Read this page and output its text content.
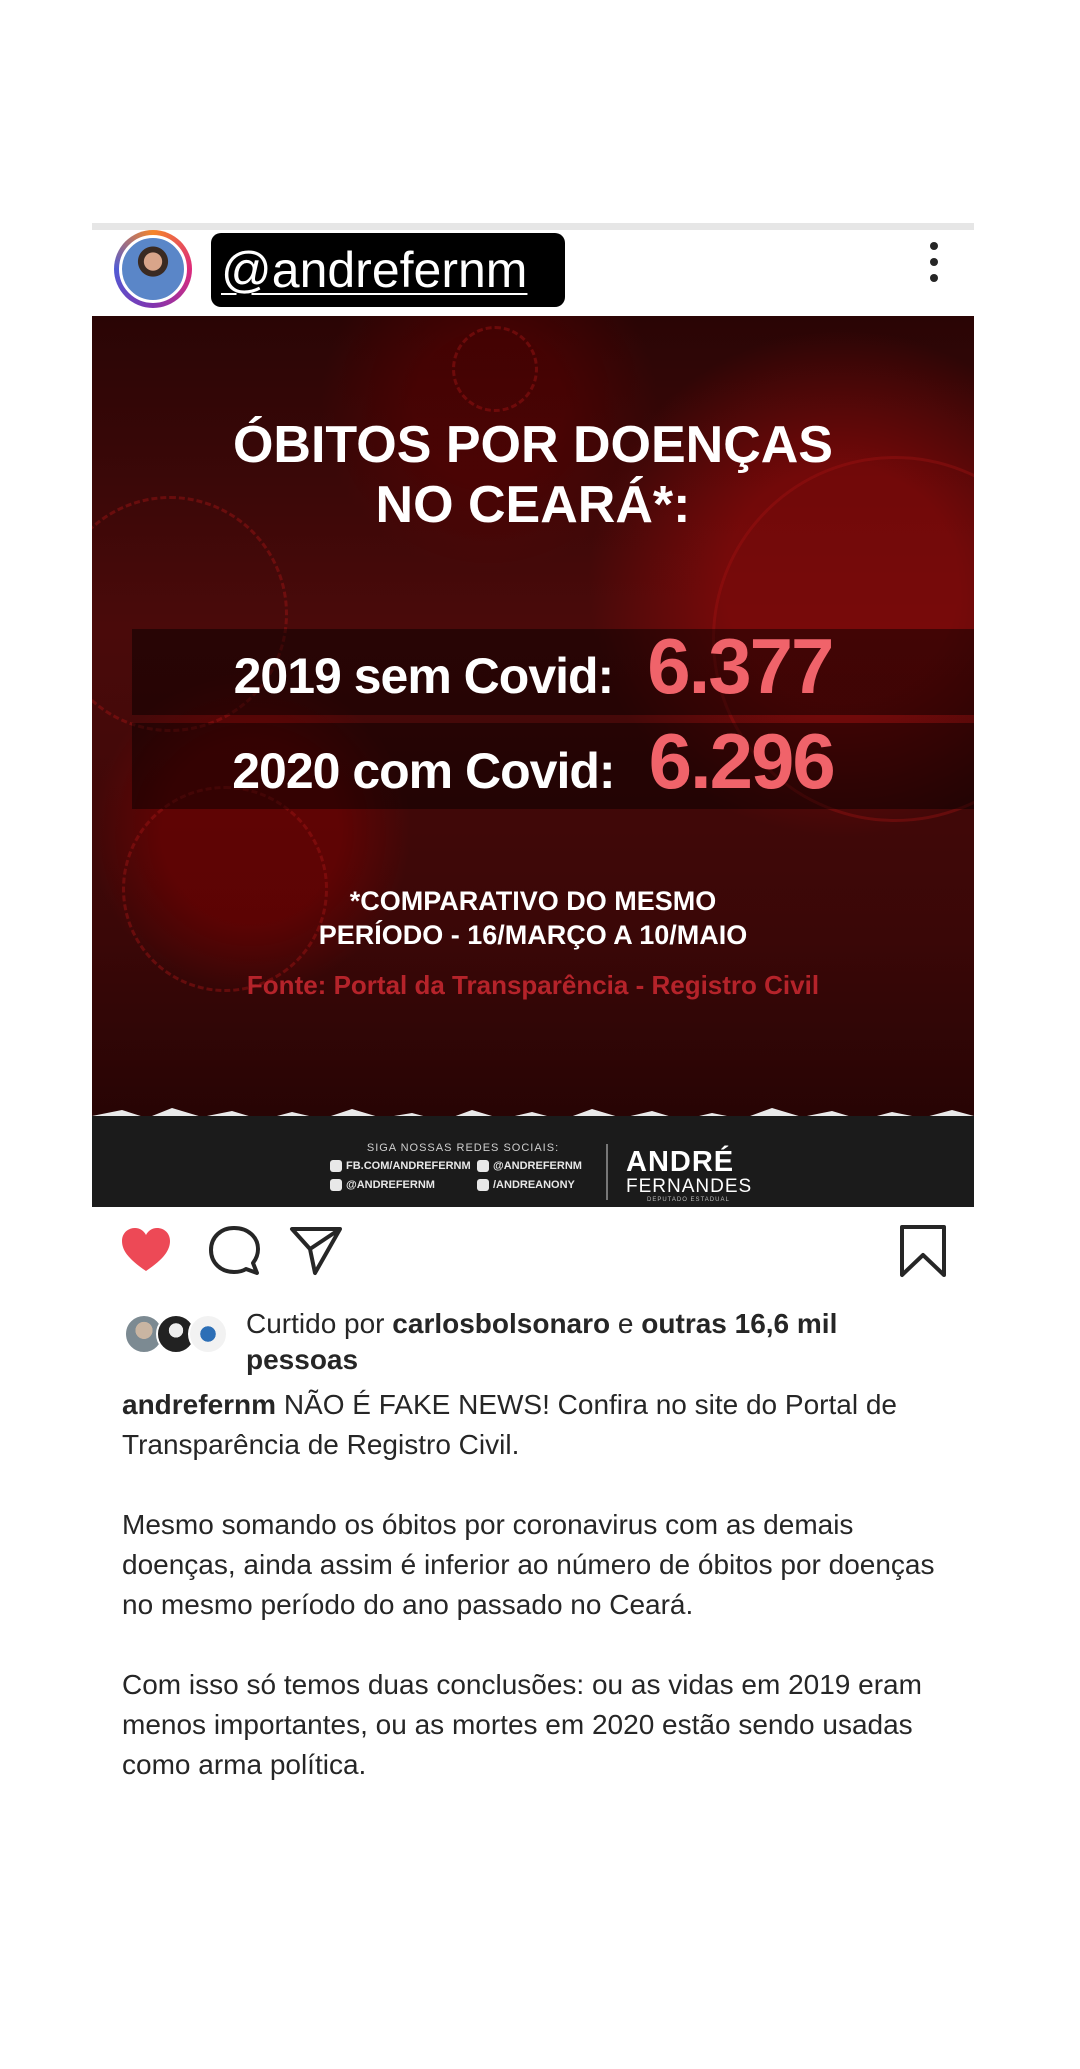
@andrefernm
ÓBITOS POR DOENÇAS
NO CEARÁ*:
2019 sem Covid: 6.377
2020 com Covid: 6.296
*COMPARATIVO DO MESMO
PERÍODO - 16/MARÇO A 10/MAIO
Fonte: Portal da Transparência - Registro Civil
SIGA NOSSAS REDES SOCIAIS:
FB.COM/ANDREFERNM @ANDREFERNM
@ANDREFERNM	/ANDREANONY
ANDRÉ
FERNANDES
DEPUTADO ESTADUAL
Curtido por carlosbolsonaro e outras 16,6 mil
pessoas

andrefernm NÃO É FAKE NEWS! Confira no site do Portal de Transparência de Registro Civil.

Mesmo somando os óbitos por coronavirus com as demais doenças, ainda assim é inferior ao número de óbitos por doenças no mesmo período do ano passado no Ceará.

Com isso só temos duas conclusões: ou as vidas em 2019 eram menos importantes, ou as mortes em 2020 estão sendo usadas como arma política.
